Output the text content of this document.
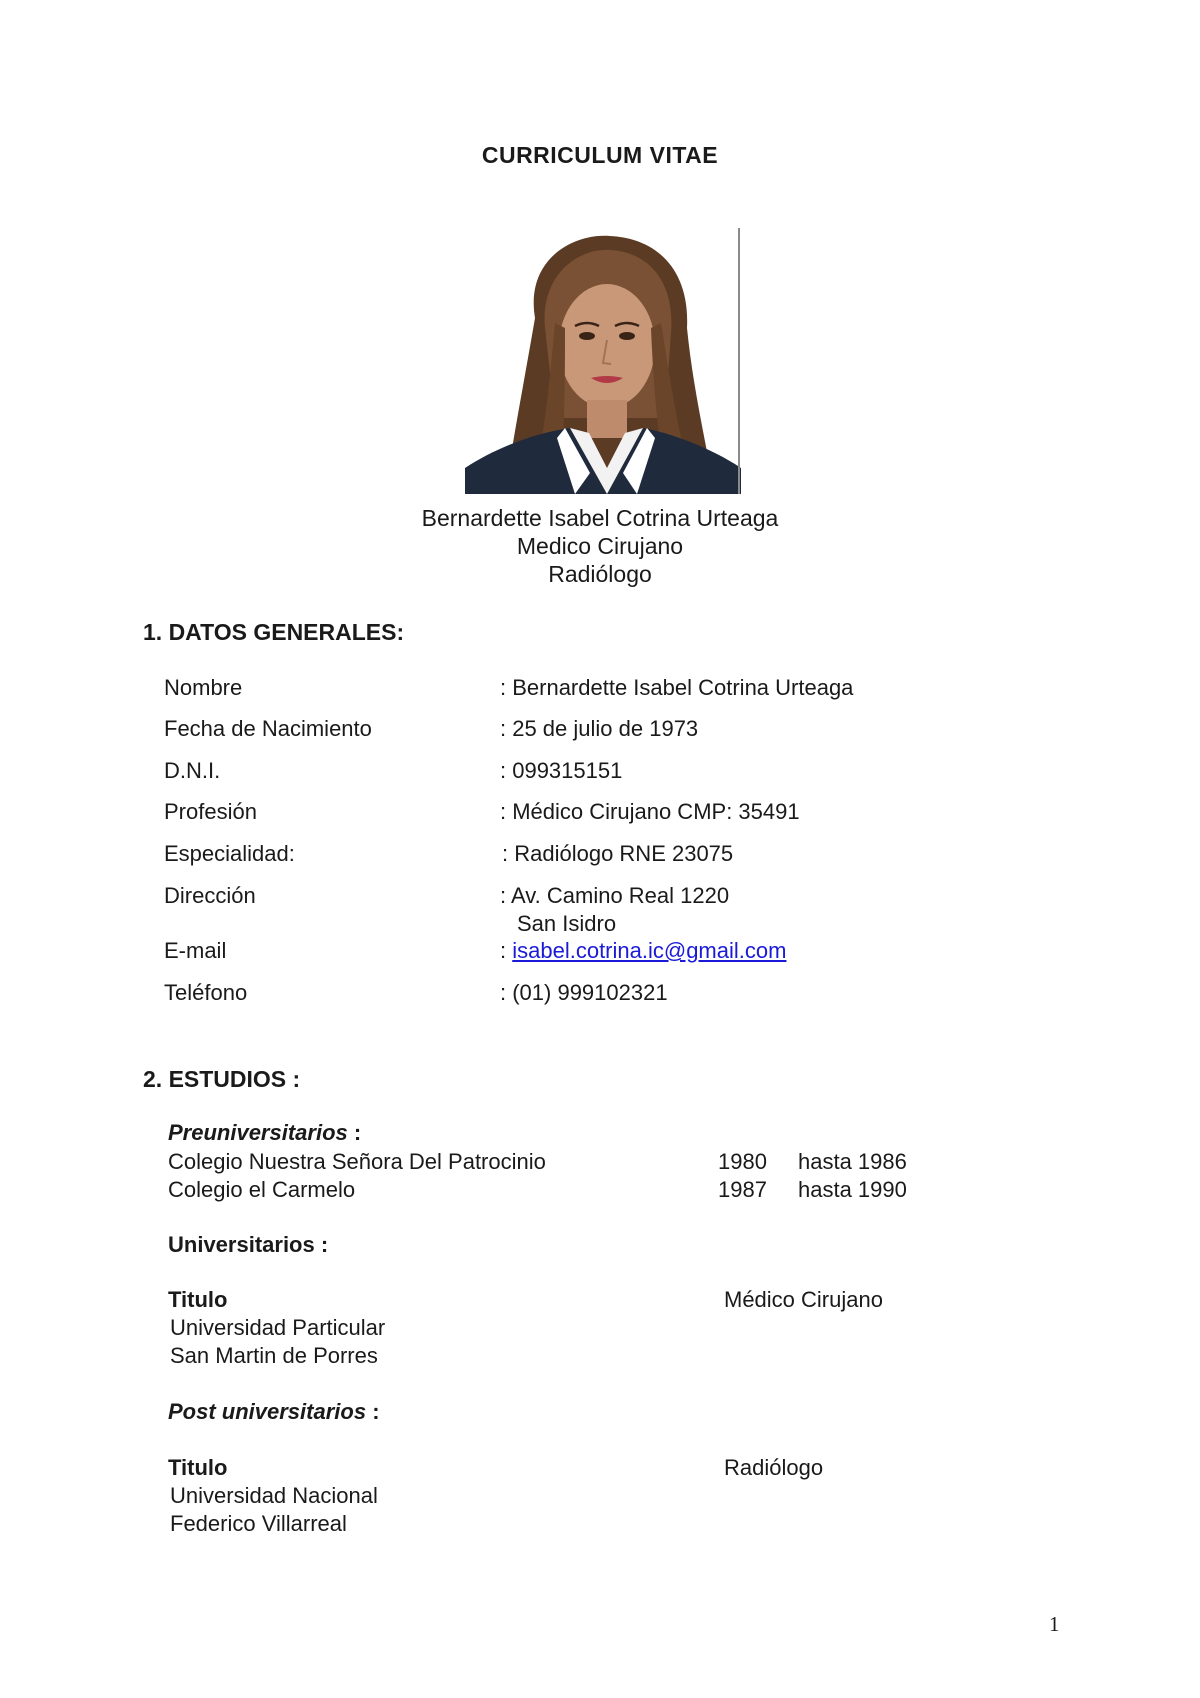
CURRICULUM VITAE
Bernardette Isabel Cotrina Urteaga
Medico Cirujano
Radiólogo
1. DATOS GENERALES:
Nombre	: Bernardette Isabel Cotrina Urteaga
Fecha de Nacimiento	: 25 de julio de 1973
D.N.I.	: 099315151
Profesión	: Médico Cirujano CMP: 35491
Especialidad:	: Radiólogo RNE 23075
Dirección	: Av. Camino Real 1220
San Isidro
E-mail	: isabel.cotrina.ic@gmail.com
Teléfono	: (01) 999102321
2. ESTUDIOS :
Preuniversitarios :
Colegio Nuestra Señora Del Patrocinio	1980 hasta 1986
Colegio el Carmelo	1987 hasta 1990
Universitarios :
Titulo	Médico Cirujano
Universidad Particular
San Martin de Porres
Post universitarios :
Titulo	Radiólogo
Universidad Nacional
Federico Villarreal
1
